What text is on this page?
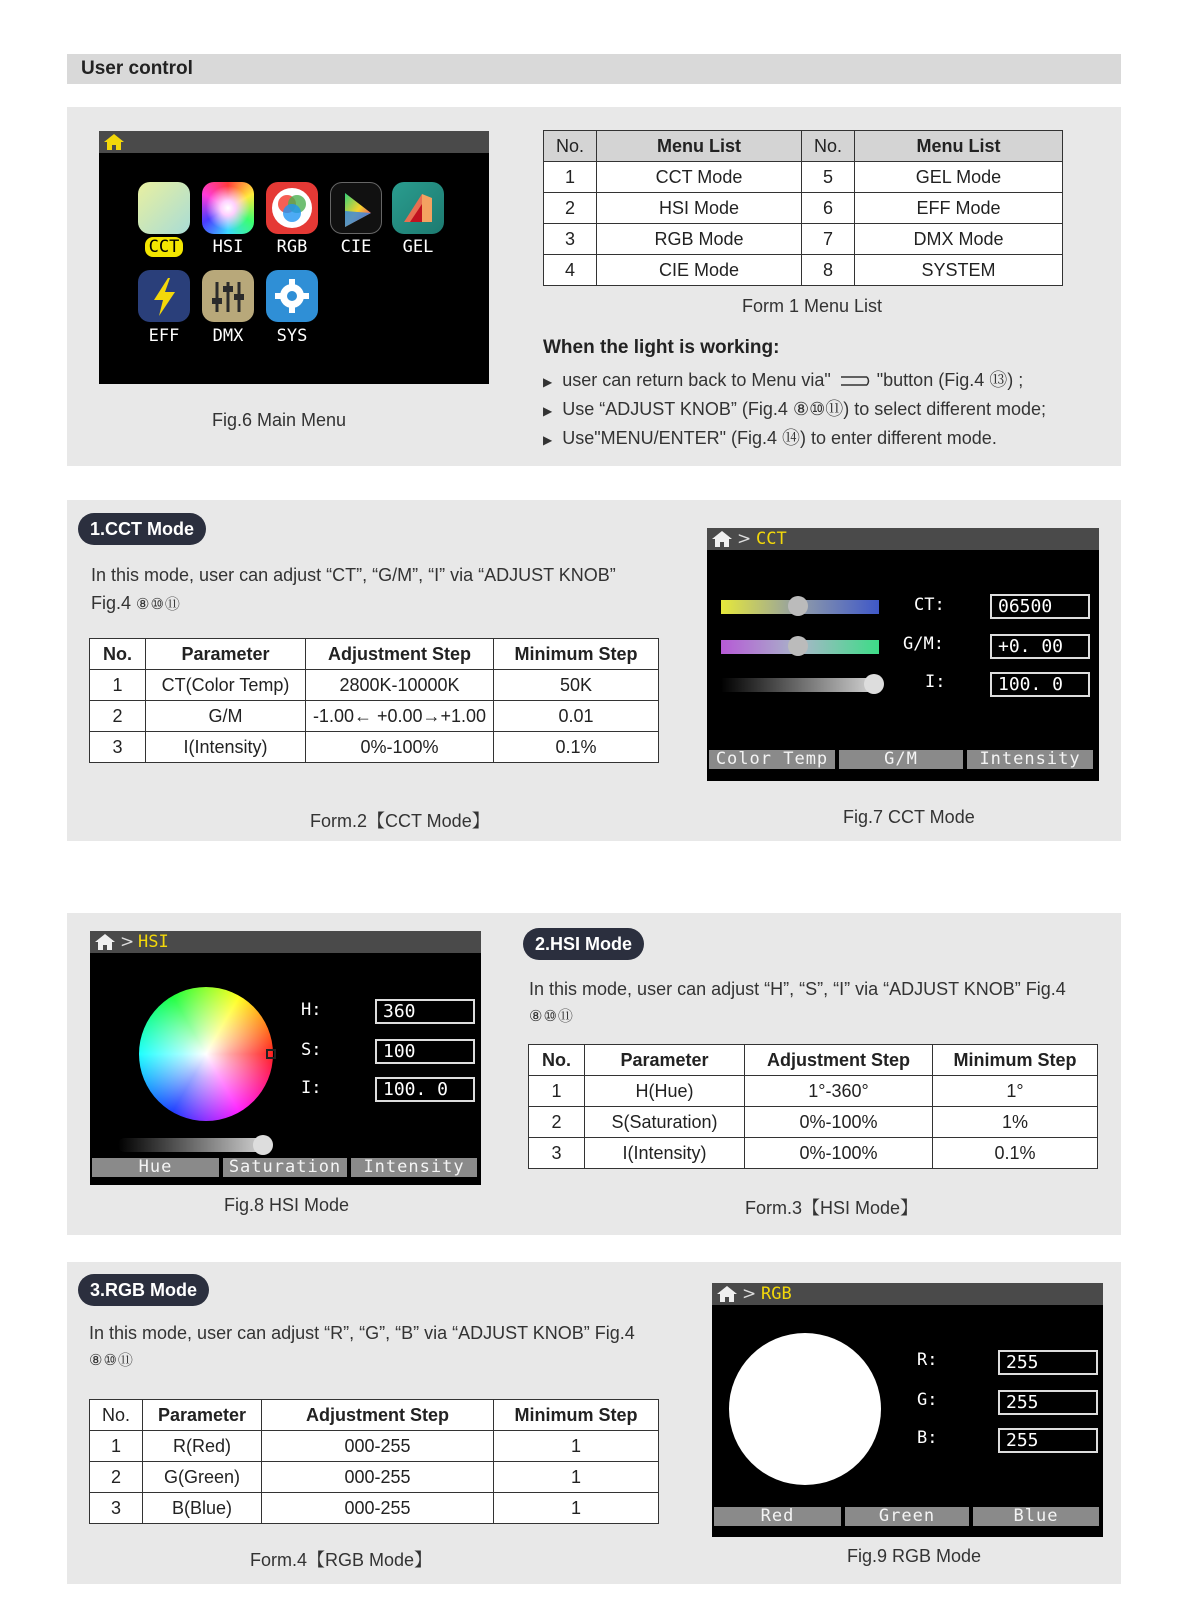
User control
CCT	HSI	RGB	CIE	GEL
EFF	DMX	SYS
Fig.6 Main Menu
No.	Menu List	No.	Menu List
1	CCT Mode	5	GEL Mode
2	HSI Mode	6	EFF Mode
3	RGB Mode	7	DMX Mode
4	CIE Mode	8	SYSTEM
Form 1 Menu List
When the light is working:
▶ user can return back to Menu via"	"button (Fig.4 ⑬) ;
▶ Use “ADJUST KNOB” (Fig.4 ⑧⑩⑪) to select different mode;
▶ Use"MENU/ENTER" (Fig.4 ⑭) to enter different mode.
1.CCT Mode
In this mode, user can adjust “CT”, “G/M”, “I” via “ADJUST KNOB”
Fig.4 ⑧⑩⑪
No.	Parameter	Adjustment Step	Minimum Step
1	CT(Color Temp)	2800K-10000K	50K
2	G/M	-1.00← +0.00→+1.00	0.01
3	I(Intensity)	0%-100%	0.1%
Form.2【CCT Mode】
> CCT
CT:
G/M:
I:
06500
+0. 00
100. 0
Color Temp	G/M	Intensity
Fig.7 CCT Mode
> HSI
H:
S:
I:
360
100
100. 0
Hue	Saturation	Intensity
Fig.8 HSI Mode
2.HSI Mode
In this mode, user can adjust “H”, “S”, “I” via “ADJUST KNOB” Fig.4
⑧⑩⑪
No.	Parameter	Adjustment Step	Minimum Step
1	H(Hue)	1°-360°	1°
2	S(Saturation)	0%-100%	1%
3	I(Intensity)	0%-100%	0.1%
Form.3【HSI Mode】
3.RGB Mode
In this mode, user can adjust “R”, “G”, “B” via “ADJUST KNOB” Fig.4
⑧⑩⑪
No.	Parameter	Adjustment Step	Minimum Step
1	R(Red)	000-255	1
2	G(Green)	000-255	1
3	B(Blue)	000-255	1
Form.4【RGB Mode】
> RGB
R:
G:
B:
255
255
255
Red	Green	Blue
Fig.9 RGB Mode
